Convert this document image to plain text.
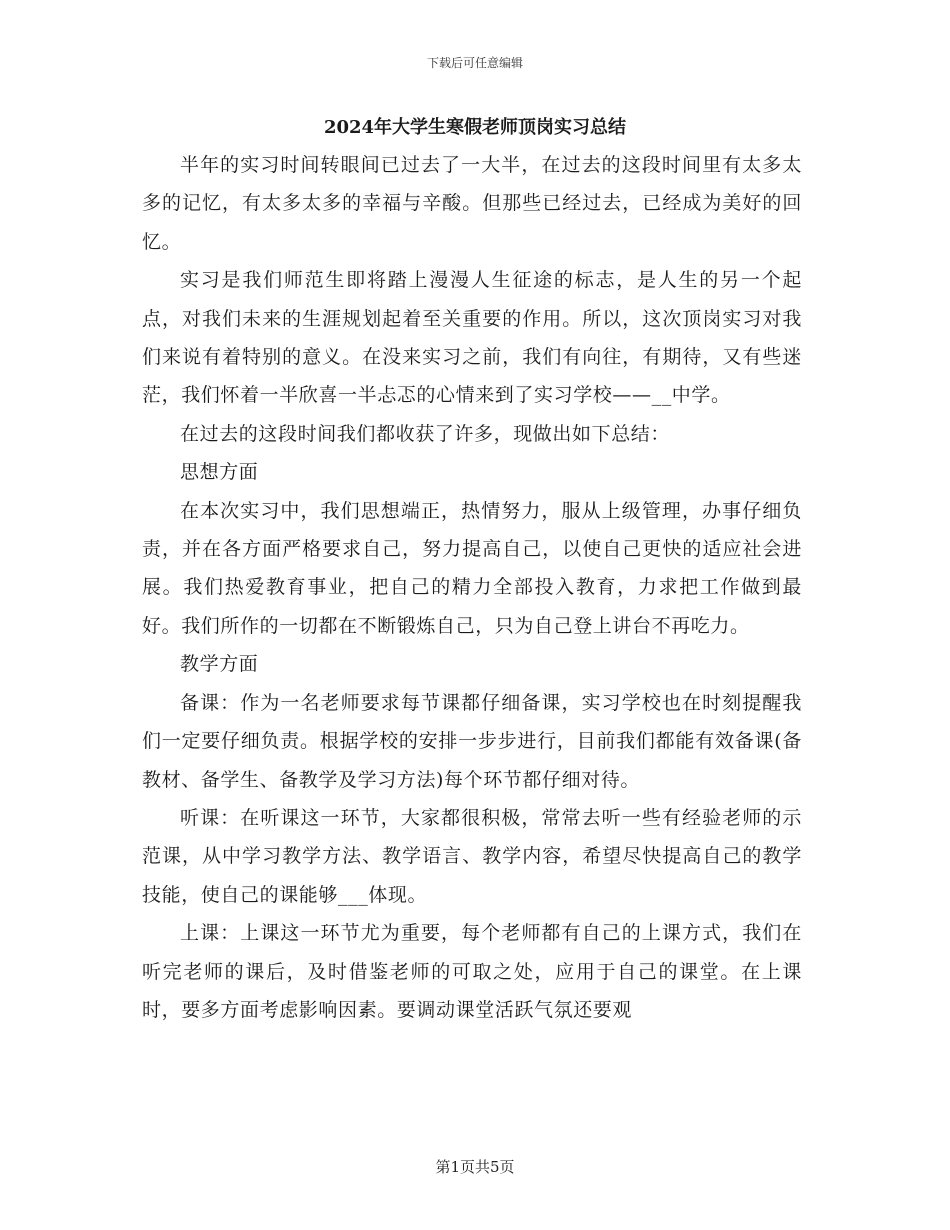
下载后可任意编辑
2024年大学生寒假老师顶岗实习总结

半年的实习时间转眼间已过去了一大半，在过去的这段时间里有太多太多的记忆，有太多太多的幸福与辛酸。但那些已经过去，已经成为美好的回忆。

实习是我们师范生即将踏上漫漫人生征途的标志，是人生的另一个起点，对我们未来的生涯规划起着至关重要的作用。所以，这次顶岗实习对我们来说有着特别的意义。在没来实习之前，我们有向往，有期待，又有些迷茫，我们怀着一半欣喜一半忐忑的心情来到了实习学校——__中学。

在过去的这段时间我们都收获了许多，现做出如下总结：

思想方面

在本次实习中，我们思想端正，热情努力，服从上级管理，办事仔细负责，并在各方面严格要求自己，努力提高自己，以使自己更快的适应社会进展。我们热爱教育事业，把自己的精力全部投入教育，力求把工作做到最好。我们所作的一切都在不断锻炼自己，只为自己登上讲台不再吃力。

教学方面

备课：作为一名老师要求每节课都仔细备课，实习学校也在时刻提醒我们一定要仔细负责。根据学校的安排一步步进行，目前我们都能有效备课(备教材、备学生、备教学及学习方法)每个环节都仔细对待。

听课：在听课这一环节，大家都很积极，常常去听一些有经验老师的示范课，从中学习教学方法、教学语言、教学内容，希望尽快提高自己的教学技能，使自己的课能够___体现。

上课：上课这一环节尤为重要，每个老师都有自己的上课方式，我们在听完老师的课后，及时借鉴老师的可取之处，应用于自己的课堂。在上课时，要多方面考虑影响因素。要调动课堂活跃气氛还要观

第1页共5页
